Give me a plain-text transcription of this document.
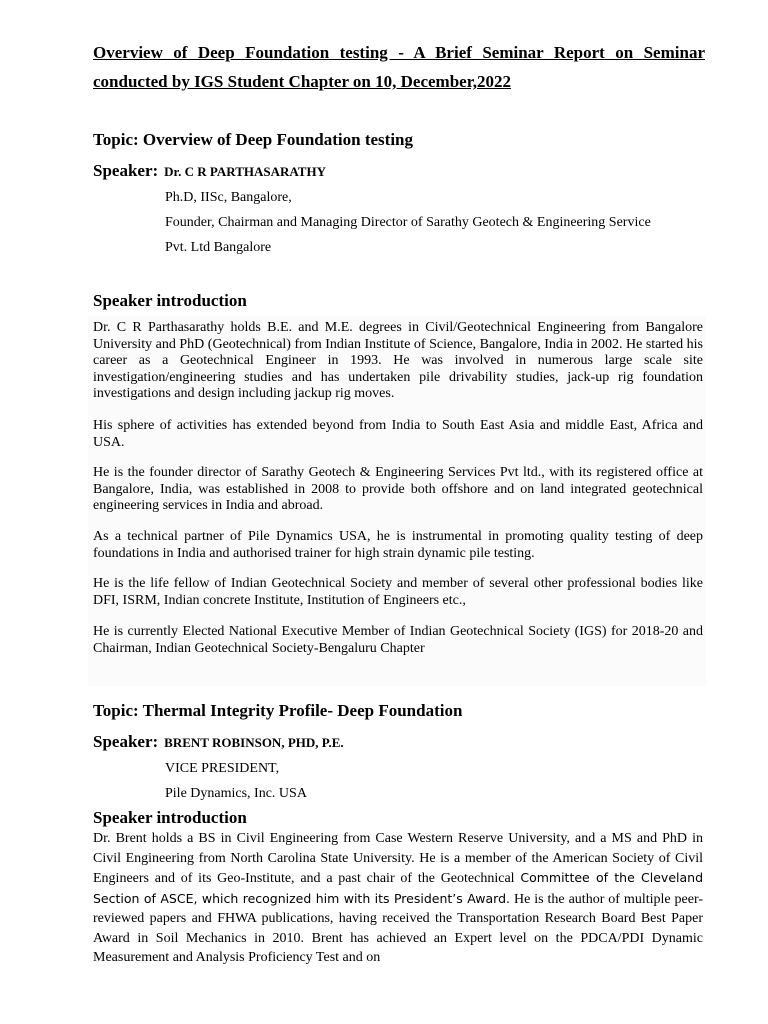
Overview of Deep Foundation testing - A Brief Seminar Report on Seminar conducted by IGS Student Chapter on 10, December,2022

Topic: Overview of Deep Foundation testing

Speaker: Dr. C R PARTHASARATHY

Ph.D, IISc, Bangalore,

Founder, Chairman and Managing Director of Sarathy Geotech & Engineering Service

Pvt. Ltd Bangalore

Speaker introduction

Dr. C R Parthasarathy holds B.E. and M.E. degrees in Civil/Geotechnical Engineering from Bangalore University and PhD (Geotechnical) from Indian Institute of Science, Bangalore, India in 2002. He started his career as a Geotechnical Engineer in 1993. He was involved in numerous large scale site investigation/engineering studies and has undertaken pile drivability studies, jack-up rig foundation investigations and design including jackup rig moves.

His sphere of activities has extended beyond from India to South East Asia and middle East, Africa and USA.

He is the founder director of Sarathy Geotech & Engineering Services Pvt ltd., with its registered office at Bangalore, India, was established in 2008 to provide both offshore and on land integrated geotechnical engineering services in India and abroad.

As a technical partner of Pile Dynamics USA, he is instrumental in promoting quality testing of deep foundations in India and authorised trainer for high strain dynamic pile testing.

He is the life fellow of Indian Geotechnical Society and member of several other professional bodies like DFI, ISRM, Indian concrete Institute, Institution of Engineers etc.,

He is currently Elected National Executive Member of Indian Geotechnical Society (IGS) for 2018-20 and Chairman, Indian Geotechnical Society-Bengaluru Chapter

Topic: Thermal Integrity Profile- Deep Foundation

Speaker: BRENT ROBINSON, PHD, P.E.

VICE PRESIDENT,

Pile Dynamics, Inc. USA

Speaker introduction

Dr. Brent holds a BS in Civil Engineering from Case Western Reserve University, and a MS and PhD in Civil Engineering from North Carolina State University. He is a member of the American Society of Civil Engineers and of its Geo-Institute, and a past chair of the Geotechnical Committee of the Cleveland Section of ASCE, which recognized him with its President’s Award. He is the author of multiple peer-reviewed papers and FHWA publications, having received the Transportation Research Board Best Paper Award in Soil Mechanics in 2010. Brent has achieved an Expert level on the PDCA/PDI Dynamic Measurement and Analysis Proficiency Test and on
